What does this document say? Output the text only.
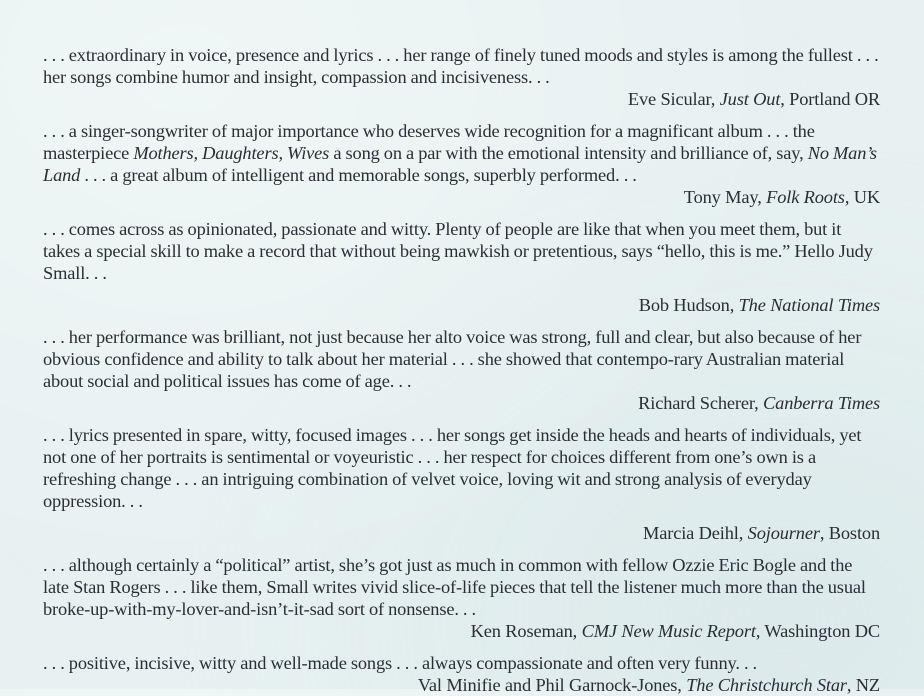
. . . extraordinary in voice, presence and lyrics . . . her range of finely tuned moods and styles is among the fullest . . . her songs combine humor and insight, compassion and incisiveness. . .

Eve Sicular, Just Out, Portland OR

. . . a singer-songwriter of major importance who deserves wide recognition for a magnificant album . . . the masterpiece Mothers, Daughters, Wives a song on a par with the emotional intensity and brilliance of, say, No Man’s Land . . . a great album of intelligent and memorable songs, superbly performed. . .

Tony May, Folk Roots, UK

. . . comes across as opinionated, passionate and witty. Plenty of people are like that when you meet them, but it takes a special skill to make a record that without being mawkish or pretentious, says “hello, this is me.” Hello Judy Small. . .

Bob Hudson, The National Times

. . . her performance was brilliant, not just because her alto voice was strong, full and clear, but also because of her obvious confidence and ability to talk about her material . . . she showed that contempo-rary Australian material about social and political issues has come of age. . .

Richard Scherer, Canberra Times

. . . lyrics presented in spare, witty, focused images . . . her songs get inside the heads and hearts of individuals, yet not one of her portraits is sentimental or voyeuristic . . . her respect for choices different from one’s own is a refreshing change . . . an intriguing combination of velvet voice, loving wit and strong analysis of everyday oppression. . .

Marcia Deihl, Sojourner, Boston

. . . although certainly a “political” artist, she’s got just as much in common with fellow Ozzie Eric Bogle and the late Stan Rogers . . . like them, Small writes vivid slice-of-life pieces that tell the listener much more than the usual broke-up-with-my-lover-and-isn’t-it-sad sort of nonsense. . .

Ken Roseman, CMJ New Music Report, Washington DC

. . . positive, incisive, witty and well-made songs . . . always compassionate and often very funny. . .

Val Minifie and Phil Garnock-Jones, The Christchurch Star, NZ
